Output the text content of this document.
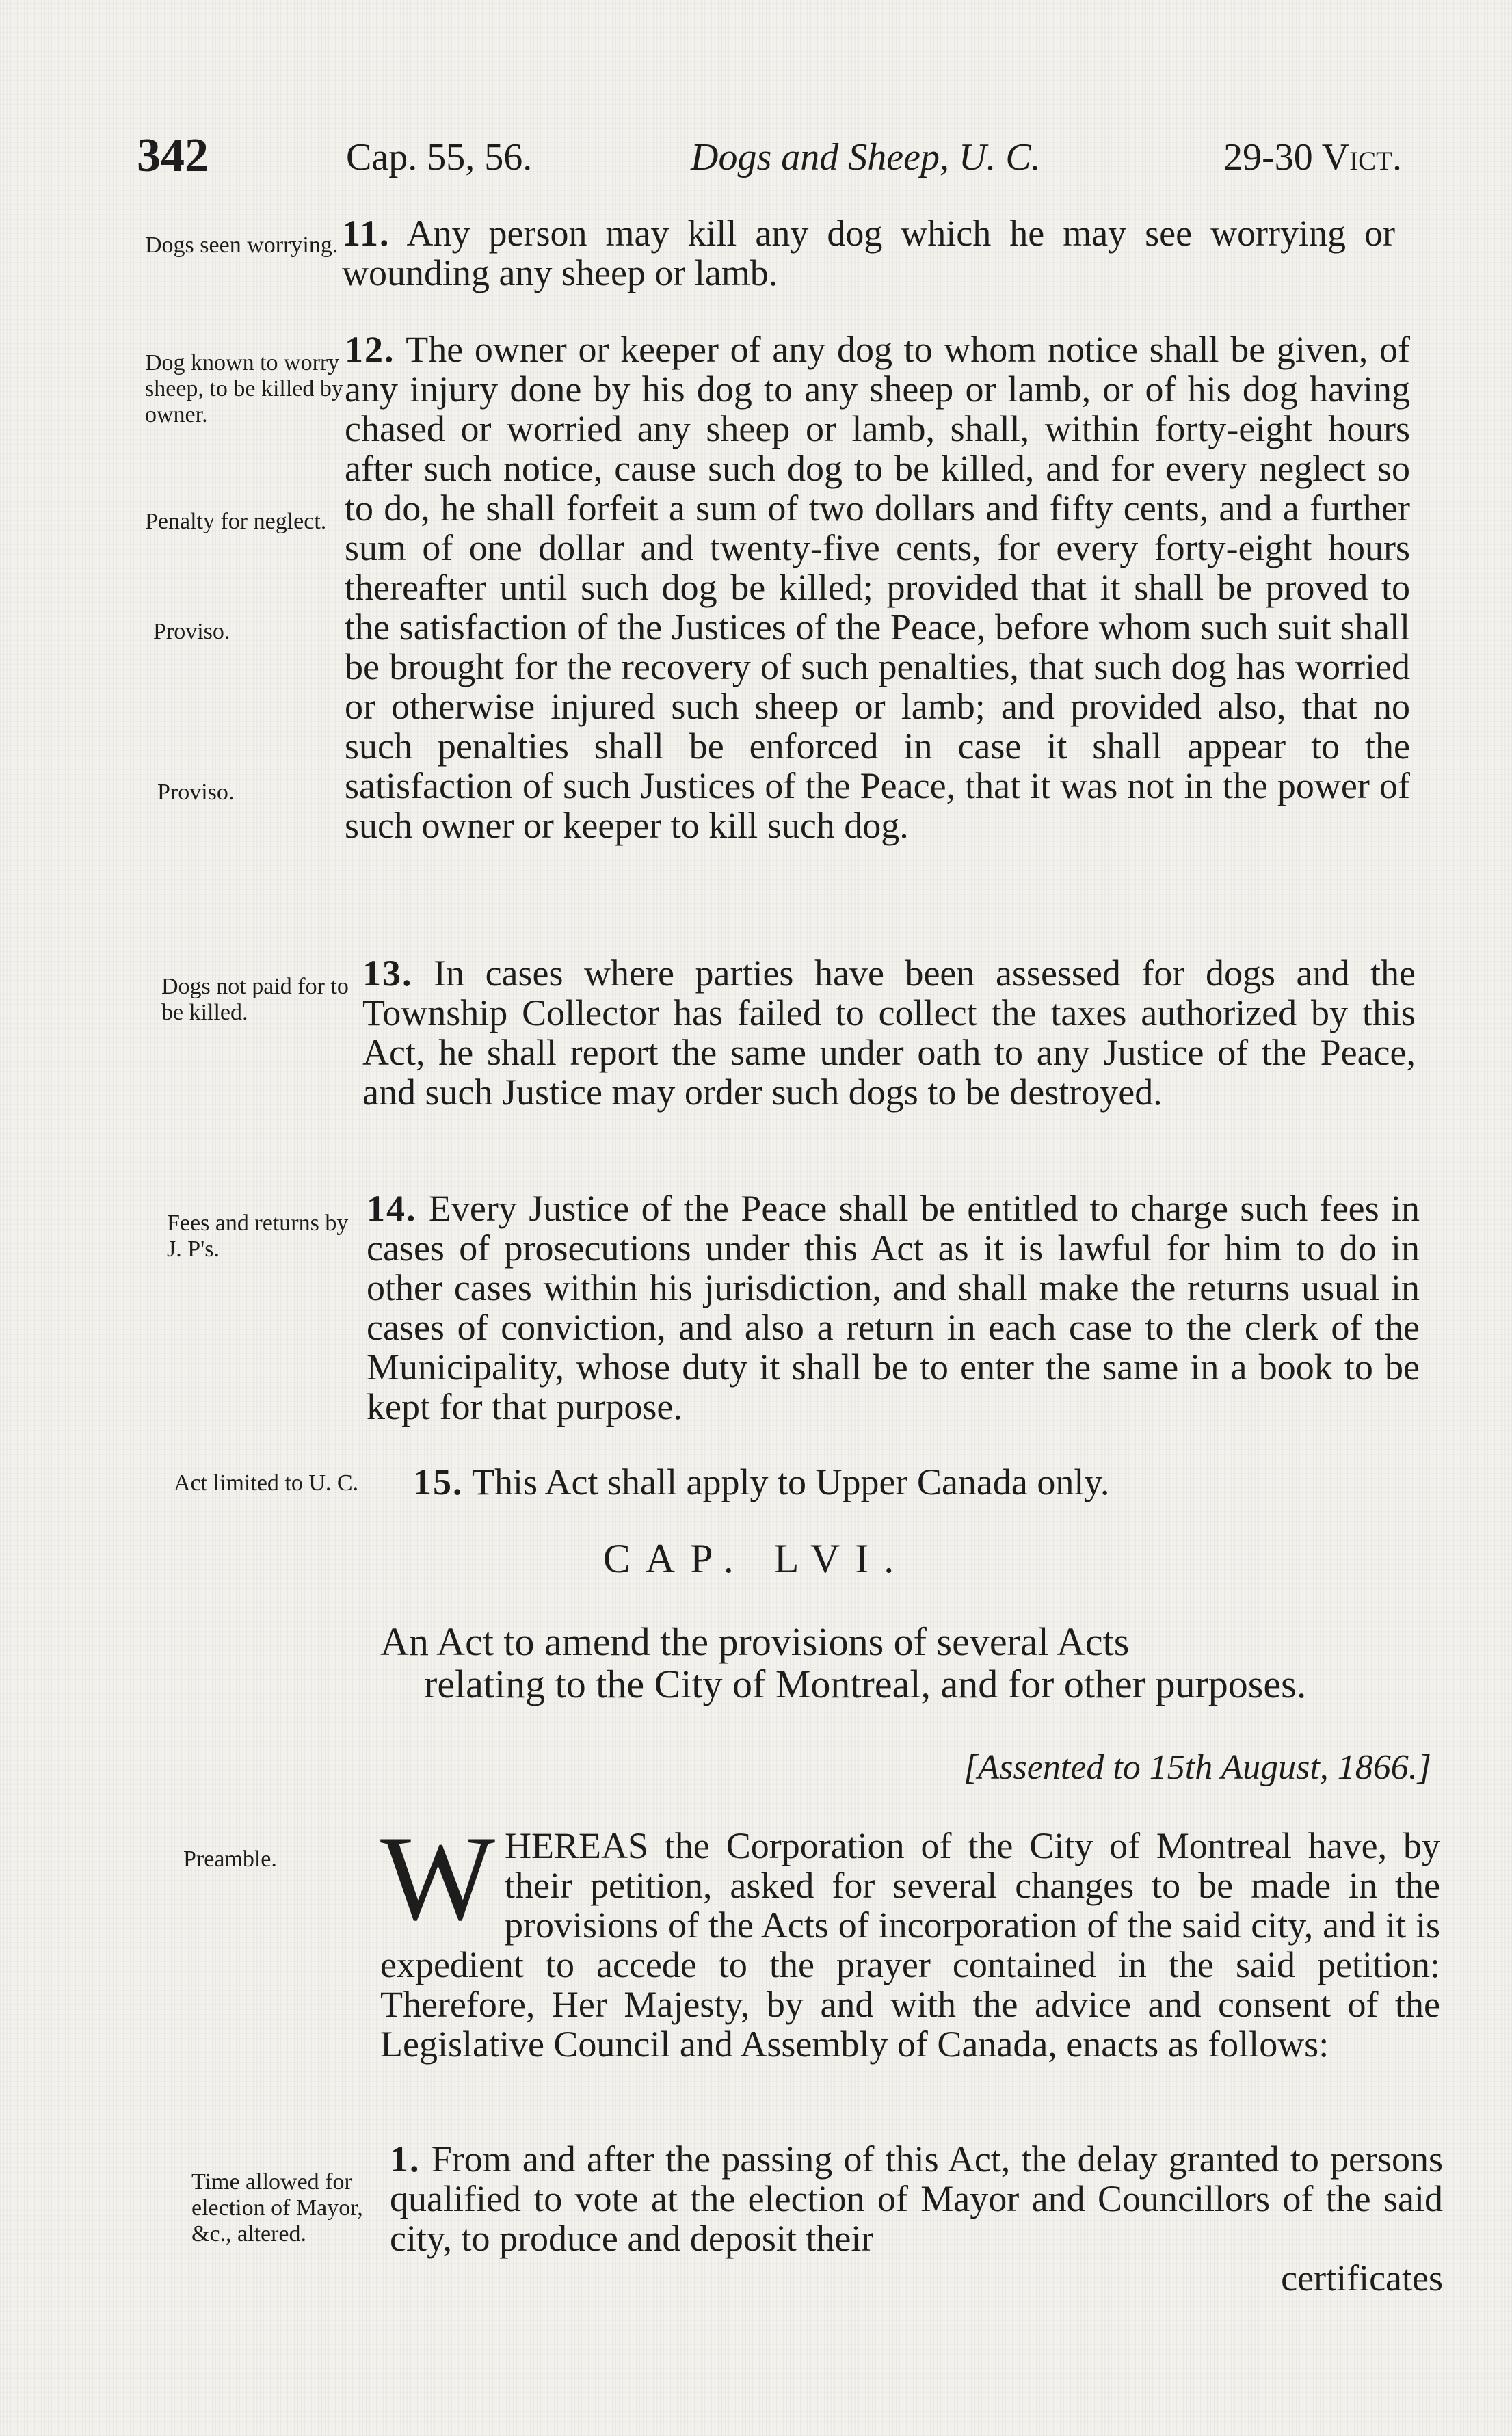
342	Cap. 55, 56.	Dogs and Sheep, U. C.	29-30 Vict.
Dogs seen worrying. 11. Any person may kill any dog which he may see worrying or wounding any sheep or lamb.
Dog known to worry sheep, to be killed by owner.
Penalty for neglect.
Proviso.
Proviso.
12. The owner or keeper of any dog to whom notice shall be given, of any injury done by his dog to any sheep or lamb, or of his dog having chased or worried any sheep or lamb, shall, within forty-eight hours after such notice, cause such dog to be killed, and for every neglect so to do, he shall forfeit a sum of two dollars and fifty cents, and a further sum of one dollar and twenty-five cents, for every forty-eight hours thereafter until such dog be killed; provided that it shall be proved to the satisfaction of the Justices of the Peace, before whom such suit shall be brought for the recovery of such penalties, that such dog has worried or otherwise injured such sheep or lamb; and provided also, that no such penalties shall be enforced in case it shall appear to the satisfaction of such Justices of the Peace, that it was not in the power of such owner or keeper to kill such dog.
Dogs not paid for to be killed.
13. In cases where parties have been assessed for dogs and the Township Collector has failed to collect the taxes authorized by this Act, he shall report the same under oath to any Justice of the Peace, and such Justice may order such dogs to be destroyed.
Fees and returns by J. P's.
14. Every Justice of the Peace shall be entitled to charge such fees in cases of prosecutions under this Act as it is lawful for him to do in other cases within his jurisdiction, and shall make the returns usual in cases of conviction, and also a return in each case to the clerk of the Municipality, whose duty it shall be to enter the same in a book to be kept for that purpose.
Act limited to U. C.	15. This Act shall apply to Upper Canada only.
CAP. LVI.
An Act to amend the provisions of several Acts
relating to the City of Montreal, and for other purposes.
[Assented to 15th August, 1866.]
Preamble. W HEREAS the Corporation of the City of Montreal have, by their petition, asked for several changes to be made in the provisions of the Acts of incorporation of the said city, and it is expedient to accede to the prayer contained in the said petition: Therefore, Her Majesty, by and with the advice and consent of the Legislative Council and Assembly of Canada, enacts as follows:
Time allowed for election of Mayor, &c., altered.
1. From and after the passing of this Act, the delay granted to persons qualified to vote at the election of Mayor and Councillors of the said city, to produce and deposit their
certificates
